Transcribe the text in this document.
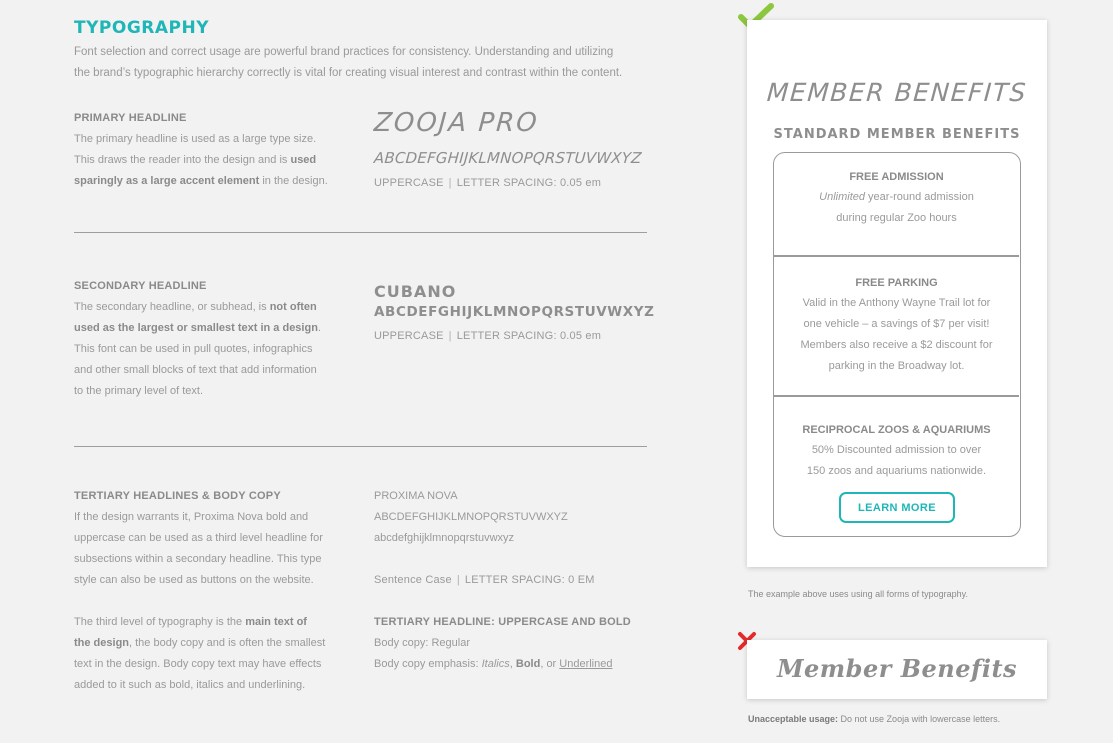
TYPOGRAPHY
Font selection and correct usage are powerful brand practices for consistency. Understanding and utilizing
the brand’s typographic hierarchy correctly is vital for creating visual interest and contrast within the content.
PRIMARY HEADLINE
The primary headline is used as a large type size.
This draws the reader into the design and is used
sparingly as a large accent element in the design.
ZOOJA PRO
ABCDEFGHIJKLMNOPQRSTUVWXYZ
UPPERCASE | LETTER SPACING: 0.05 em
SECONDARY HEADLINE
The secondary headline, or subhead, is not often
used as the largest or smallest text in a design.
This font can be used in pull quotes, infographics
and other small blocks of text that add information
to the primary level of text.
CUBANO
ABCDEFGHIJKLMNOPQRSTUVWXYZ
UPPERCASE | LETTER SPACING: 0.05 em
TERTIARY HEADLINES & BODY COPY
If the design warrants it, Proxima Nova bold and
uppercase can be used as a third level headline for
subsections within a secondary headline. This type
style can also be used as buttons on the website.
The third level of typography is the main text of
the design, the body copy and is often the smallest
text in the design. Body copy text may have effects
added to it such as bold, italics and underlining.
PROXIMA NOVA
ABCDEFGHIJKLMNOPQRSTUVWXYZ
abcdefghijklmnopqrstuvwxyz
Sentence Case | LETTER SPACING: 0 EM
TERTIARY HEADLINE: UPPERCASE AND BOLD
Body copy: Regular
Body copy emphasis: Italics, Bold, or Underlined
MEMBER BENEFITS
STANDARD MEMBER BENEFITS
FREE ADMISSION
Unlimited year-round admission
during regular Zoo hours
FREE PARKING
Valid in the Anthony Wayne Trail lot for
one vehicle – a savings of $7 per visit!
Members also receive a $2 discount for
parking in the Broadway lot.
RECIPROCAL ZOOS & AQUARIUMS
50% Discounted admission to over
150 zoos and aquariums nationwide.
LEARN MORE
The example above uses using all forms of typography.
Member Benefits
Unacceptable usage: Do not use Zooja with lowercase letters.
